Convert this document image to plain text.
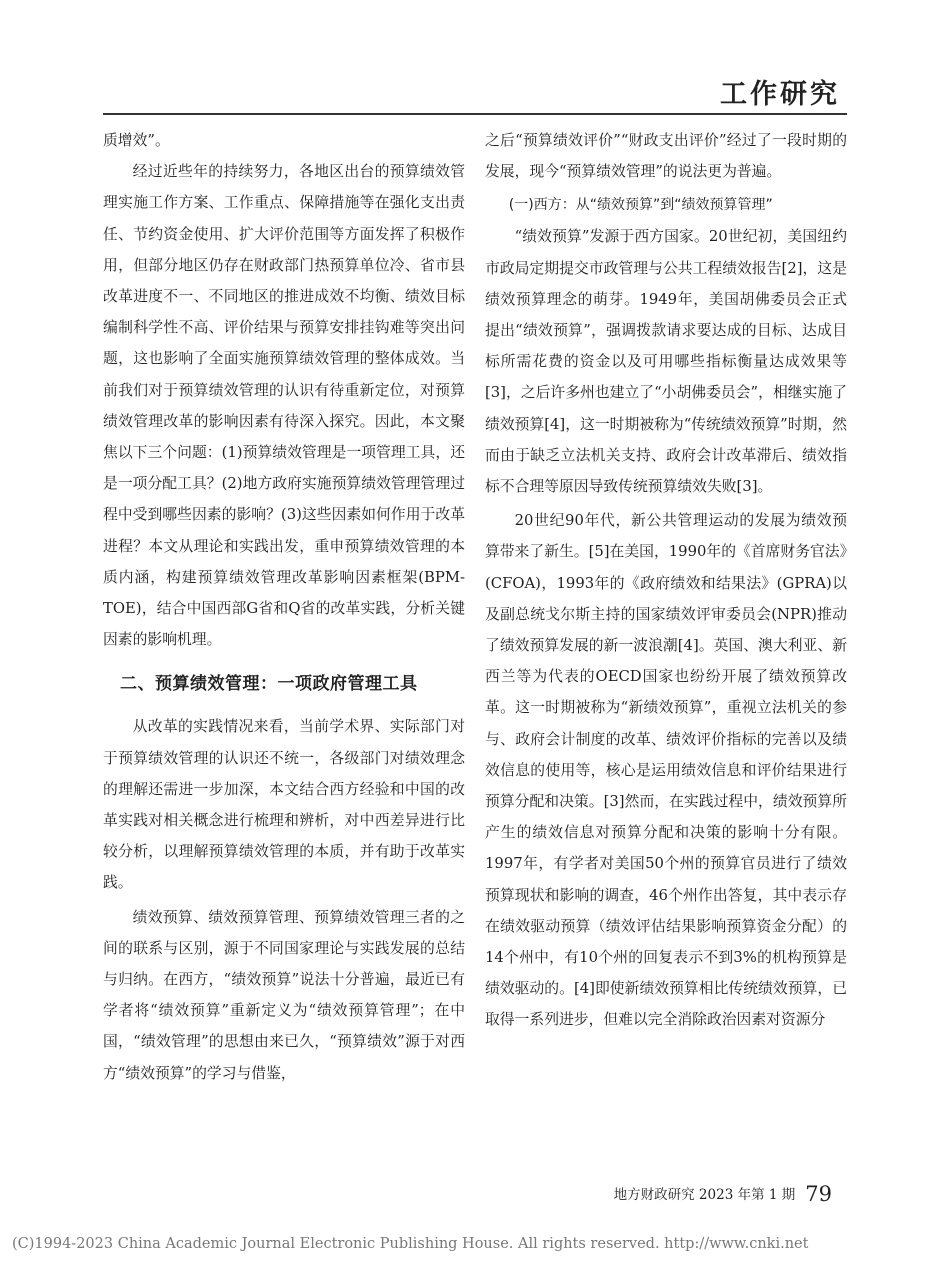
工作研究

质增效”。

经过近些年的持续努力，各地区出台的预算绩效管理实施工作方案、工作重点、保障措施等在强化支出责任、节约资金使用、扩大评价范围等方面发挥了积极作用，但部分地区仍存在财政部门热预算单位冷、省市县改革进度不一、不同地区的推进成效不均衡、绩效目标编制科学性不高、评价结果与预算安排挂钩难等突出问题，这也影响了全面实施预算绩效管理的整体成效。当前我们对于预算绩效管理的认识有待重新定位，对预算绩效管理改革的影响因素有待深入探究。因此，本文聚焦以下三个问题：(1)预算绩效管理是一项管理工具，还是一项分配工具？(2)地方政府实施预算绩效管理管理过程中受到哪些因素的影响？(3)这些因素如何作用于改革进程？本文从理论和实践出发，重申预算绩效管理的本质内涵，构建预算绩效管理改革影响因素框架(BPM-TOE)，结合中国西部G省和Q省的改革实践，分析关键因素的影响机理。

二、预算绩效管理：一项政府管理工具

从改革的实践情况来看，当前学术界、实际部门对于预算绩效管理的认识还不统一，各级部门对绩效理念的理解还需进一步加深，本文结合西方经验和中国的改革实践对相关概念进行梳理和辨析，对中西差异进行比较分析，以理解预算绩效管理的本质，并有助于改革实践。

绩效预算、绩效预算管理、预算绩效管理三者的之间的联系与区别，源于不同国家理论与实践发展的总结与归纳。在西方，“绩效预算”说法十分普遍，最近已有学者将“绩效预算”重新定义为“绩效预算管理”；在中国，“绩效管理”的思想由来已久，“预算绩效”源于对西方“绩效预算”的学习与借鉴，

之后“预算绩效评价”“财政支出评价”经过了一段时期的发展，现今“预算绩效管理”的说法更为普遍。

(一)西方：从“绩效预算”到“绩效预算管理”

“绩效预算”发源于西方国家。20世纪初，美国纽约市政局定期提交市政管理与公共工程绩效报告[2]，这是绩效预算理念的萌芽。1949年，美国胡佛委员会正式提出“绩效预算”，强调拨款请求要达成的目标、达成目标所需花费的资金以及可用哪些指标衡量达成效果等[3]，之后许多州也建立了“小胡佛委员会”，相继实施了绩效预算[4]，这一时期被称为“传统绩效预算”时期，然而由于缺乏立法机关支持、政府会计改革滞后、绩效指标不合理等原因导致传统预算绩效失败[3]。

20世纪90年代，新公共管理运动的发展为绩效预算带来了新生。[5]在美国，1990年的《首席财务官法》(CFOA)，1993年的《政府绩效和结果法》(GPRA)以及副总统戈尔斯主持的国家绩效评审委员会(NPR)推动了绩效预算发展的新一波浪潮[4]。英国、澳大利亚、新西兰等为代表的OECD国家也纷纷开展了绩效预算改革。这一时期被称为“新绩效预算”，重视立法机关的参与、政府会计制度的改革、绩效评价指标的完善以及绩效信息的使用等，核心是运用绩效信息和评价结果进行预算分配和决策。[3]然而，在实践过程中，绩效预算所产生的绩效信息对预算分配和决策的影响十分有限。1997年，有学者对美国50个州的预算官员进行了绩效预算现状和影响的调查，46个州作出答复，其中表示存在绩效驱动预算（绩效评估结果影响预算资金分配）的14个州中，有10个州的回复表示不到3%的机构预算是绩效驱动的。[4]即使新绩效预算相比传统绩效预算，已取得一系列进步，但难以完全消除政治因素对资源分

地方财政研究 2023 年第 1 期 79
(C)1994-2023 China Academic Journal Electronic Publishing House. All rights reserved. http://www.cnki.net
